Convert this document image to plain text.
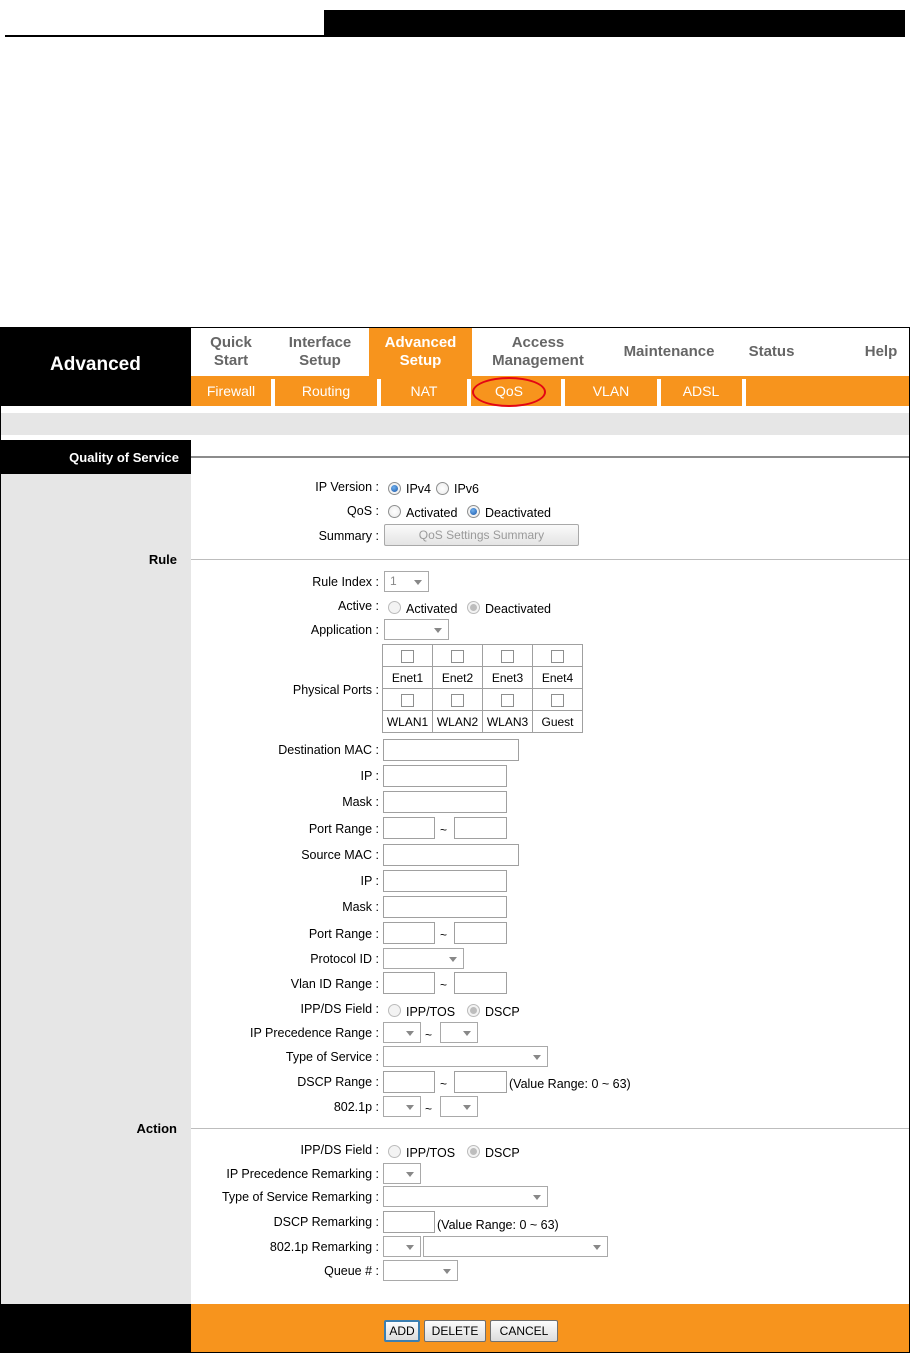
Advanced
Quick
Start
Interface
Setup
Advanced
Setup
Access
Management
Maintenance Status	Help
Firewall	Routing	NAT	QoS	VLAN	ADSL
Quality of Service
IP Version : IPv4 IPv6
QoS : Activated Deactivated
Summary :	QoS Settings Summary
Rule
Rule Index : 1
Active : Activated Deactivated
Application :
Physical Ports :

Enet1	Enet2	Enet3	Enet4

WLAN1	WLAN2	WLAN3	Guest
Destination MAC :
IP :
Mask :
Port Range :	~
Source MAC :
IP :
Mask :
Port Range :	~
Protocol ID :
Vlan ID Range :	~
IPP/DS Field : IPP/TOS DSCP
IP Precedence Range :	~
Type of Service :
DSCP Range :	~	(Value Range: 0 ~ 63)
802.1p :	~
Action
IPP/DS Field : IPP/TOS DSCP
IP Precedence Remarking :
Type of Service Remarking :
DSCP Remarking :	(Value Range: 0 ~ 63)
802.1p Remarking :
Queue # :
ADD	DELETE	CANCEL
